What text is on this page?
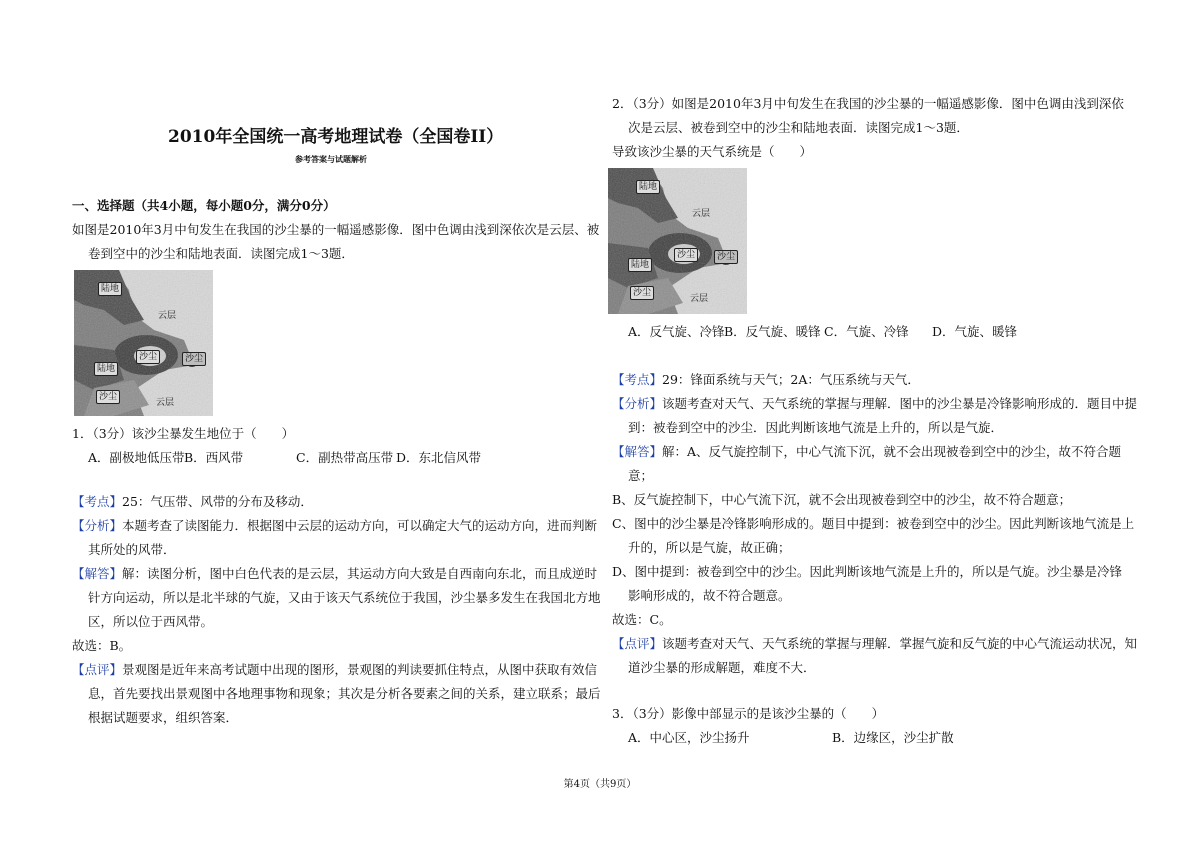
2010年全国统一高考地理试卷（全国卷II）
参考答案与试题解析
一、选择题（共4小题，每小题0分，满分0分）
如图是2010年3月中旬发生在我国的沙尘暴的一幅遥感影像．图中色调由浅到深依次是云层、被
卷到空中的沙尘和陆地表面．读图完成1～3题．
陆地
云层
沙尘	沙尘
陆地
沙尘
云层
1．（3分）该沙尘暴发生地位于（　　）
A．副极地低压带 B．西风带	C．副热带高压带 D．东北信风带
【考点】25：气压带、风带的分布及移动．
【分析】本题考查了读图能力．根据图中云层的运动方向，可以确定大气的运动方向，进而判断
其所处的风带．
【解答】解：读图分析，图中白色代表的是云层，其运动方向大致是自西南向东北，而且成逆时
针方向运动，所以是北半球的气旋，又由于该天气系统位于我国，沙尘暴多发生在我国北方地
区，所以位于西风带。
故选：B。
【点评】景观图是近年来高考试题中出现的图形，景观图的判读要抓住特点，从图中获取有效信
息，首先要找出景观图中各地理事物和现象；其次是分析各要素之间的关系，建立联系；最后
根据试题要求，组织答案．
2．（3分）如图是2010年3月中旬发生在我国的沙尘暴的一幅遥感影像．图中色调由浅到深依
次是云层、被卷到空中的沙尘和陆地表面．读图完成1～3题．
导致该沙尘暴的天气系统是（　　）
陆地
云层
沙尘	沙尘
陆地
沙尘
云层
A．反气旋、冷锋 B．反气旋、暖锋 C．气旋、冷锋 D．气旋、暖锋
【考点】29：锋面系统与天气；2A：气压系统与天气．
【分析】该题考查对天气、天气系统的掌握与理解．图中的沙尘暴是冷锋影响形成的．题目中提
到：被卷到空中的沙尘．因此判断该地气流是上升的，所以是气旋．
【解答】解：A、反气旋控制下，中心气流下沉，就不会出现被卷到空中的沙尘，故不符合题
意；
B、反气旋控制下，中心气流下沉，就不会出现被卷到空中的沙尘，故不符合题意；
C、图中的沙尘暴是冷锋影响形成的。题目中提到：被卷到空中的沙尘。因此判断该地气流是上
升的，所以是气旋，故正确；
D、图中提到：被卷到空中的沙尘。因此判断该地气流是上升的，所以是气旋。沙尘暴是冷锋
影响形成的，故不符合题意。
故选：C。
【点评】该题考查对天气、天气系统的掌握与理解．掌握气旋和反气旋的中心气流运动状况，知
道沙尘暴的形成解题，难度不大．
3．（3分）影像中部显示的是该沙尘暴的（　　）
A．中心区，沙尘扬升	B．边缘区，沙尘扩散
第4页（共9页）
